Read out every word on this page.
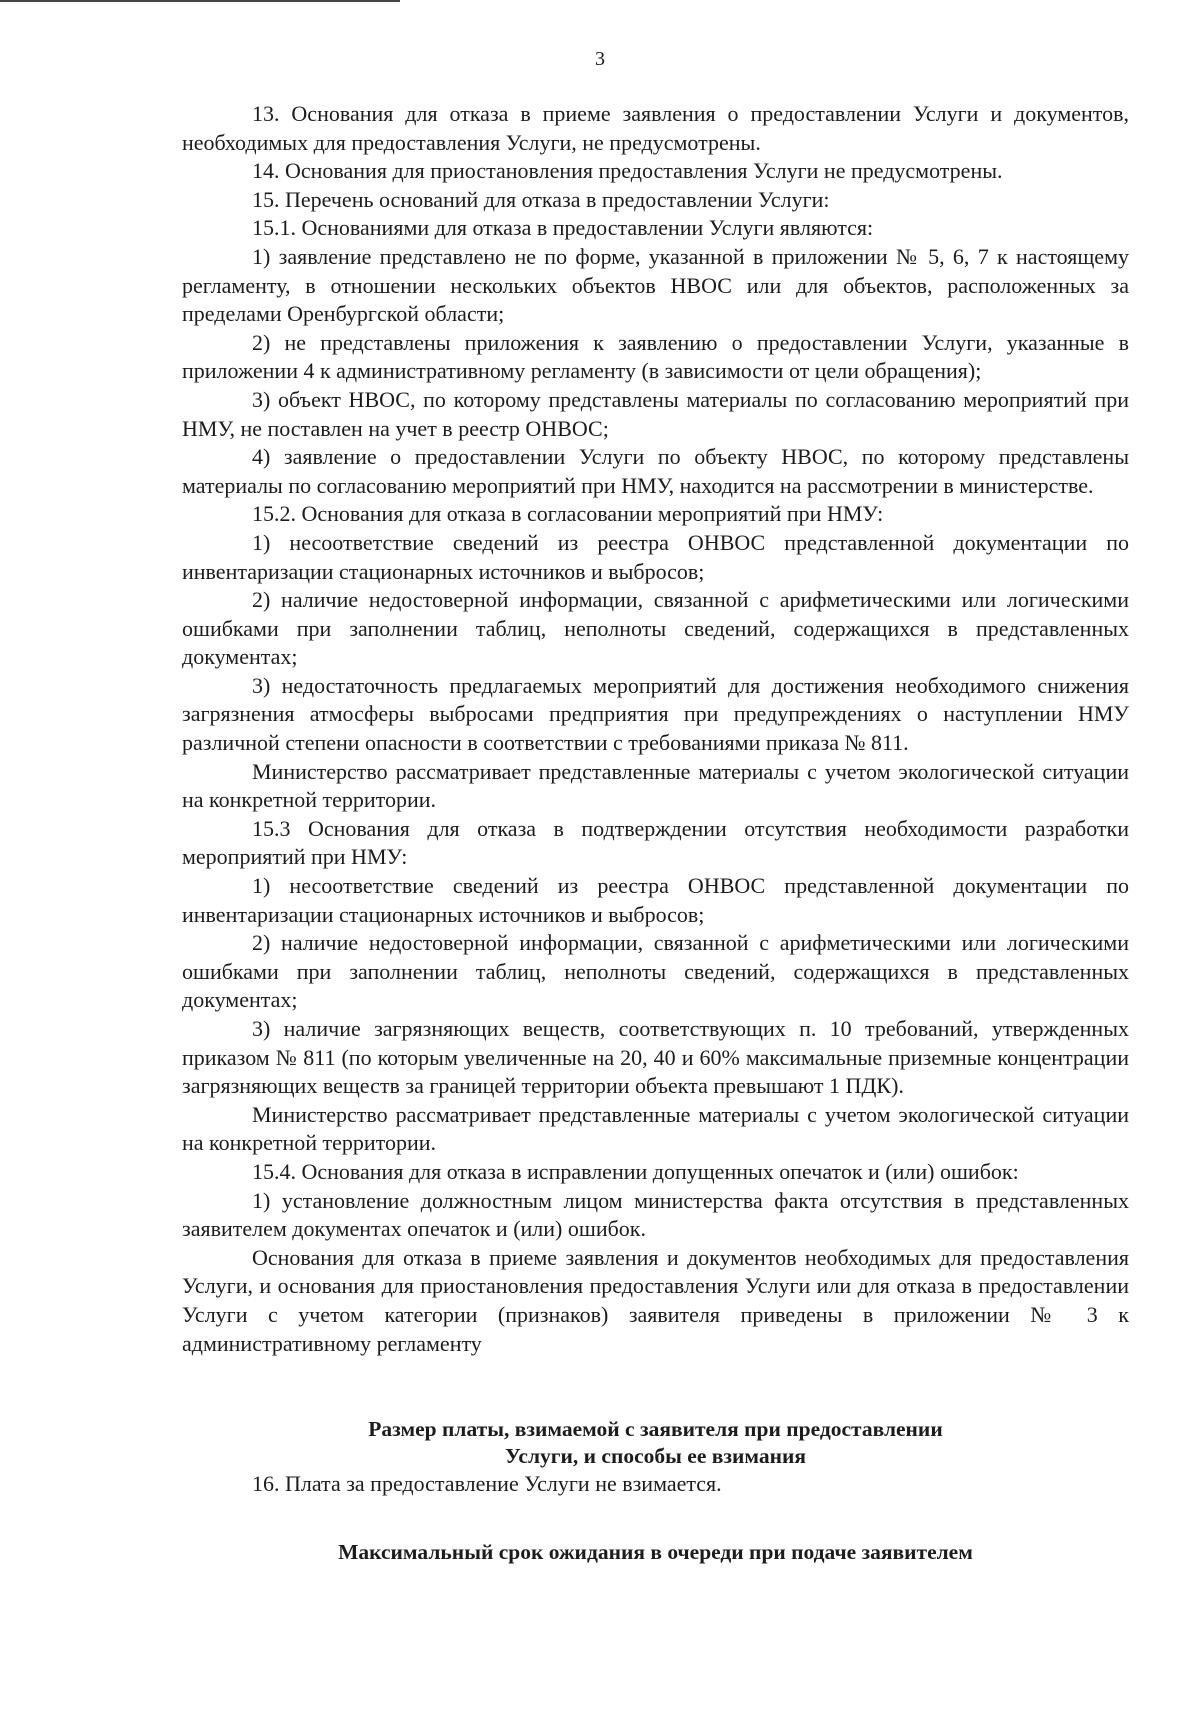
3

13. Основания для отказа в приеме заявления о предоставлении Услуги и документов, необходимых для предоставления Услуги, не предусмотрены.

14. Основания для приостановления предоставления Услуги не предусмотрены.

15. Перечень оснований для отказа в предоставлении Услуги:

15.1. Основаниями для отказа в предоставлении Услуги являются:

1) заявление представлено не по форме, указанной в приложении № 5, 6, 7 к настоящему регламенту, в отношении нескольких объектов НВОС или для объектов, расположенных за пределами Оренбургской области;

2) не представлены приложения к заявлению о предоставлении Услуги, указанные в приложении 4 к административному регламенту (в зависимости от цели обращения);

3) объект НВОС, по которому представлены материалы по согласованию мероприятий при НМУ, не поставлен на учет в реестр ОНВОС;

4) заявление о предоставлении Услуги по объекту НВОС, по которому представлены материалы по согласованию мероприятий при НМУ, находится на рассмотрении в министерстве.

15.2. Основания для отказа в согласовании мероприятий при НМУ:

1) несоответствие сведений из реестра ОНВОС представленной документации по инвентаризации стационарных источников и выбросов;

2) наличие недостоверной информации, связанной с арифметическими или логическими ошибками при заполнении таблиц, неполноты сведений, содержащихся в представленных документах;

3) недостаточность предлагаемых мероприятий для достижения необходимого снижения загрязнения атмосферы выбросами предприятия при предупреждениях о наступлении НМУ различной степени опасности в соответствии с требованиями приказа № 811.

Министерство рассматривает представленные материалы с учетом экологической ситуации на конкретной территории.

15.3 Основания для отказа в подтверждении отсутствия необходимости разработки мероприятий при НМУ:

1) несоответствие сведений из реестра ОНВОС представленной документации по инвентаризации стационарных источников и выбросов;

2) наличие недостоверной информации, связанной с арифметическими или логическими ошибками при заполнении таблиц, неполноты сведений, содержащихся в представленных документах;

3) наличие загрязняющих веществ, соответствующих п. 10 требований, утвержденных приказом № 811 (по которым увеличенные на 20, 40 и 60% максимальные приземные концентрации загрязняющих веществ за границей территории объекта превышают 1 ПДК).

Министерство рассматривает представленные материалы с учетом экологической ситуации на конкретной территории.

15.4. Основания для отказа в исправлении допущенных опечаток и (или) ошибок:

1) установление должностным лицом министерства факта отсутствия в представленных заявителем документах опечаток и (или) ошибок.

Основания для отказа в приеме заявления и документов необходимых для предоставления Услуги, и основания для приостановления предоставления Услуги или для отказа в предоставлении Услуги с учетом категории (признаков) заявителя приведены в приложении № 3 к административному регламенту

Размер платы, взимаемой с заявителя при предоставлении
Услуги, и способы ее взимания

16. Плата за предоставление Услуги не взимается.

Максимальный срок ожидания в очереди при подаче заявителем
